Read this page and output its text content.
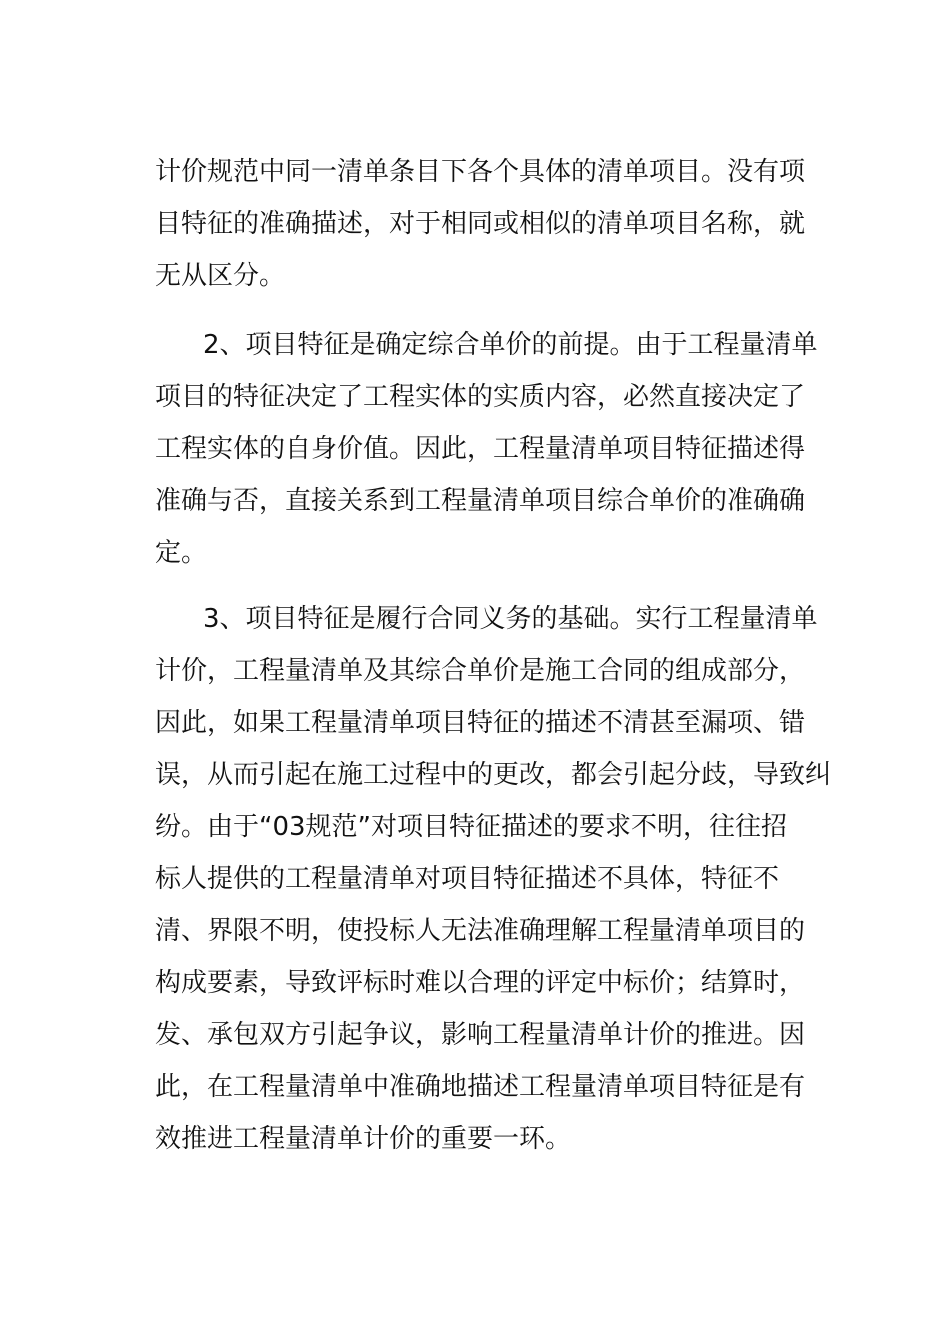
计价规范中同一清单条目下各个具体的清单项目。没有项
目特征的准确描述，对于相同或相似的清单项目名称，就
无从区分。
2、项目特征是确定综合单价的前提。由于工程量清单
项目的特征决定了工程实体的实质内容，必然直接决定了
工程实体的自身价值。因此，工程量清单项目特征描述得
准确与否，直接关系到工程量清单项目综合单价的准确确
定。
3、项目特征是履行合同义务的基础。实行工程量清单
计价，工程量清单及其综合单价是施工合同的组成部分，
因此，如果工程量清单项目特征的描述不清甚至漏项、错
误，从而引起在施工过程中的更改，都会引起分歧，导致纠
纷。由于“03规范”对项目特征描述的要求不明，往往招
标人提供的工程量清单对项目特征描述不具体，特征不
清、界限不明，使投标人无法准确理解工程量清单项目的
构成要素，导致评标时难以合理的评定中标价；结算时，
发、承包双方引起争议，影响工程量清单计价的推进。因
此，在工程量清单中准确地描述工程量清单项目特征是有
效推进工程量清单计价的重要一环。
